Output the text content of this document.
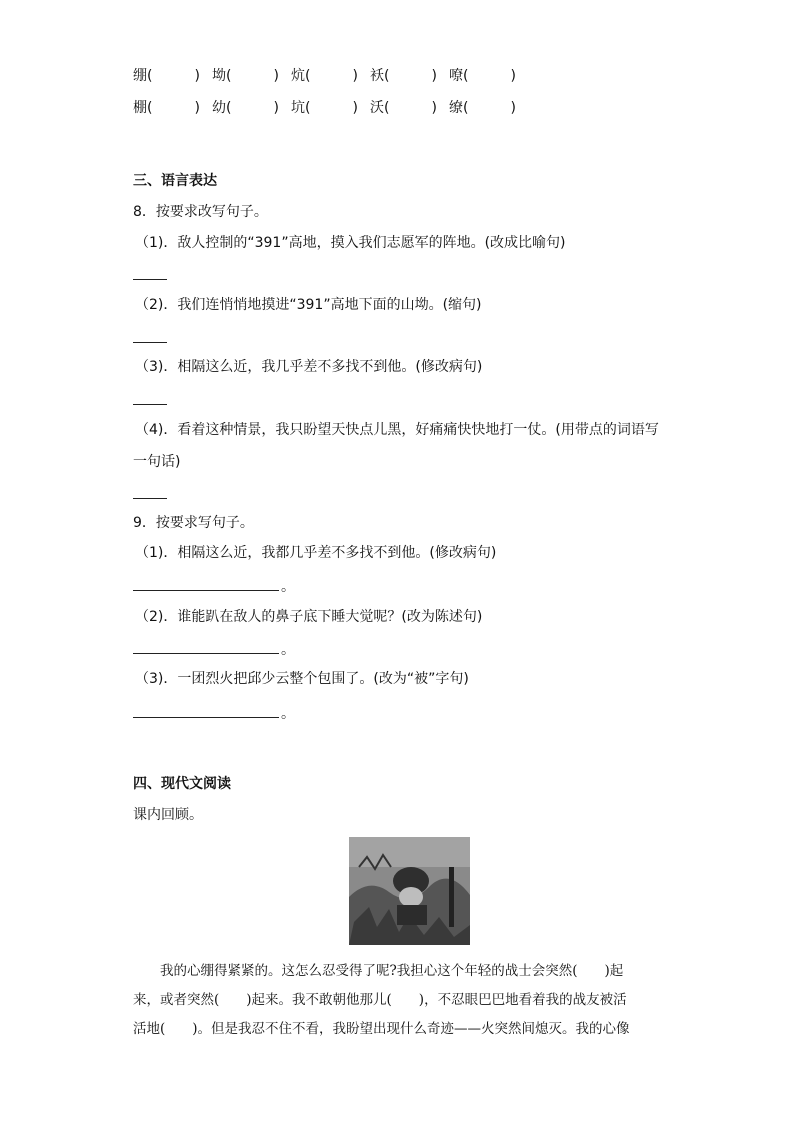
绷(　　　) 坳(　　　) 炕(　　　) 袄(　　　) 嘹(　　　)
棚(　　　) 幼(　　　) 坑(　　　) 沃(　　　) 缭(　　　)
三、语言表达
8．按要求改写句子。
（1)．敌人控制的“391”高地，摸入我们志愿军的阵地。(改成比喻句)
（2)．我们连悄悄地摸进“391”高地下面的山坳。(缩句)
（3)．相隔这么近，我几乎差不多找不到他。(修改病句)
（4)．看着这种情景，我只盼望天快点儿黑，好痛痛快快地打一仗。(用带点的词语写
一句话)
9．按要求写句子。
（1)．相隔这么近，我都几乎差不多找不到他。(修改病句)
。
（2)．谁能趴在敌人的鼻子底下睡大觉呢？(改为陈述句)
。
（3)．一团烈火把邱少云整个包围了。(改为“被”字句)
。
四、现代文阅读
课内回顾。
　　我的心绷得紧紧的。这怎么忍受得了呢?我担心这个年轻的战士会突然(　　)起
来，或者突然(　　)起来。我不敢朝他那儿(　　)，不忍眼巴巴地看着我的战友被活
活地(　　)。但是我忍不住不看，我盼望出现什么奇迹——火突然间熄灭。我的心像
